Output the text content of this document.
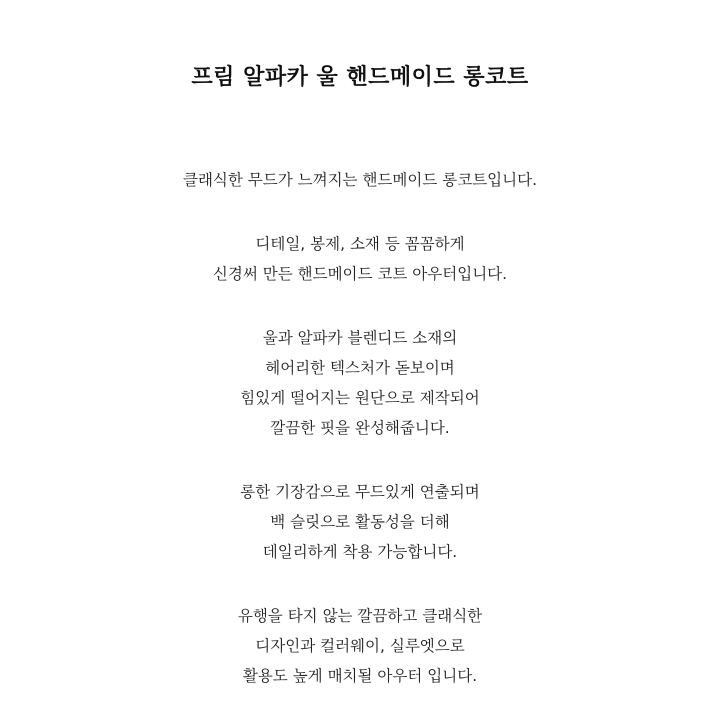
프림 알파카 울 핸드메이드 롱코트
클래식한 무드가 느껴지는 핸드메이드 롱코트입니다.
디테일, 봉제, 소재 등 꼼꼼하게
신경써 만든 핸드메이드 코트 아우터입니다.
울과 알파카 블렌디드 소재의
헤어리한 텍스처가 돋보이며
힘있게 떨어지는 원단으로 제작되어
깔끔한 핏을 완성해줍니다.
롱한 기장감으로 무드있게 연출되며
백 슬릿으로 활동성을 더해
데일리하게 착용 가능합니다.
유행을 타지 않는 깔끔하고 클래식한
디자인과 컬러웨이, 실루엣으로
활용도 높게 매치될 아우터 입니다.
